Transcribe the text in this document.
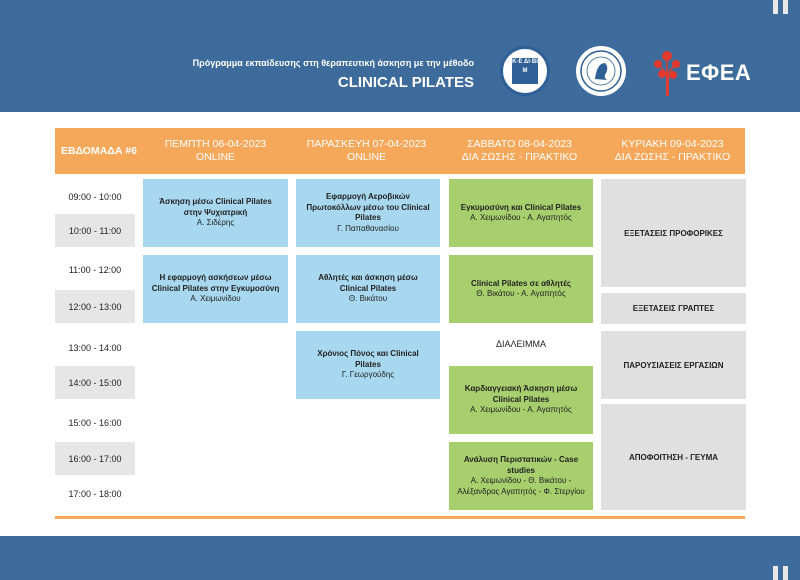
Πρόγραμμα εκπαίδευσης στη θεραπευτική άσκηση με την μέθοδο
CLINICAL PILATES
Κ·Ε ΔΙ·ΒΙ Μ	ΕΦΕΑ
ΕΒΔΟΜΑΔΑ #6
ΠΕΜΠΤΗ 06-04-2023
ONLINE
ΠΑΡΑΣΚΕΥΗ 07-04-2023
ONLINE
ΣΑΒΒΑΤΟ 08-04-2023
ΔΙΑ ΖΩΣΗΣ - ΠΡΑΚΤΙΚΟ
ΚΥΡΙΑΚΗ 09-04-2023
ΔΙΑ ΖΩΣΗΣ - ΠΡΑΚΤΙΚΟ
09:00 - 10:00
10:00 - 11:00
11:00 - 12:00
12:00 - 13:00
13:00 - 14:00
14:00 - 15:00
15:00 - 16:00
16:00 - 17:00
17:00 - 18:00
Άσκηση μέσω Clinical Pilates στην Ψυχιατρική
Α. Σιδέρης
Η εφαρμογή ασκήσεων μέσω Clinical Pilates στην Εγκυμοσύνη
Α. Χειμωνίδου
Εφαρμογή Αεροβικών Πρωτοκόλλων μέσω του Clinical Pilates
Γ. Παπαθανασίου
Αθλητές και άσκηση μέσω Clinical Pilates
Θ. Βικάτου
Χρόνιος Πόνος και Clinical Pilates
Γ. Γεωργούδης
Εγκυμοσύνη και Clinical Pilates
Α. Χειμωνίδου - Α. Αγαπητός
Clinical Pilates σε αθλητές
Θ. Βικάτου - Α. Αγαπητός
ΔΙΑΛΕΙΜΜΑ
Καρδιαγγειακή Άσκηση μέσω Clinical Pilates
Α. Χειμωνίδου - Α. Αγαπητός
Ανάλυση Περιστατικών - Case studies
Α. Χειμωνίδου - Θ. Βικάτου - Αλέξανδρος Αγαπητός - Φ. Στεργίου
ΕΞΕΤΑΣΕΙΣ ΠΡΟΦΟΡΙΚΕΣ
ΕΞΕΤΑΣΕΙΣ ΓΡΑΠΤΕΣ
ΠΑΡΟΥΣΙΑΣΕΙΣ ΕΡΓΑΣΙΩΝ
ΑΠΟΦΟΙΤΗΣΗ - ΓΕΥΜΑ
